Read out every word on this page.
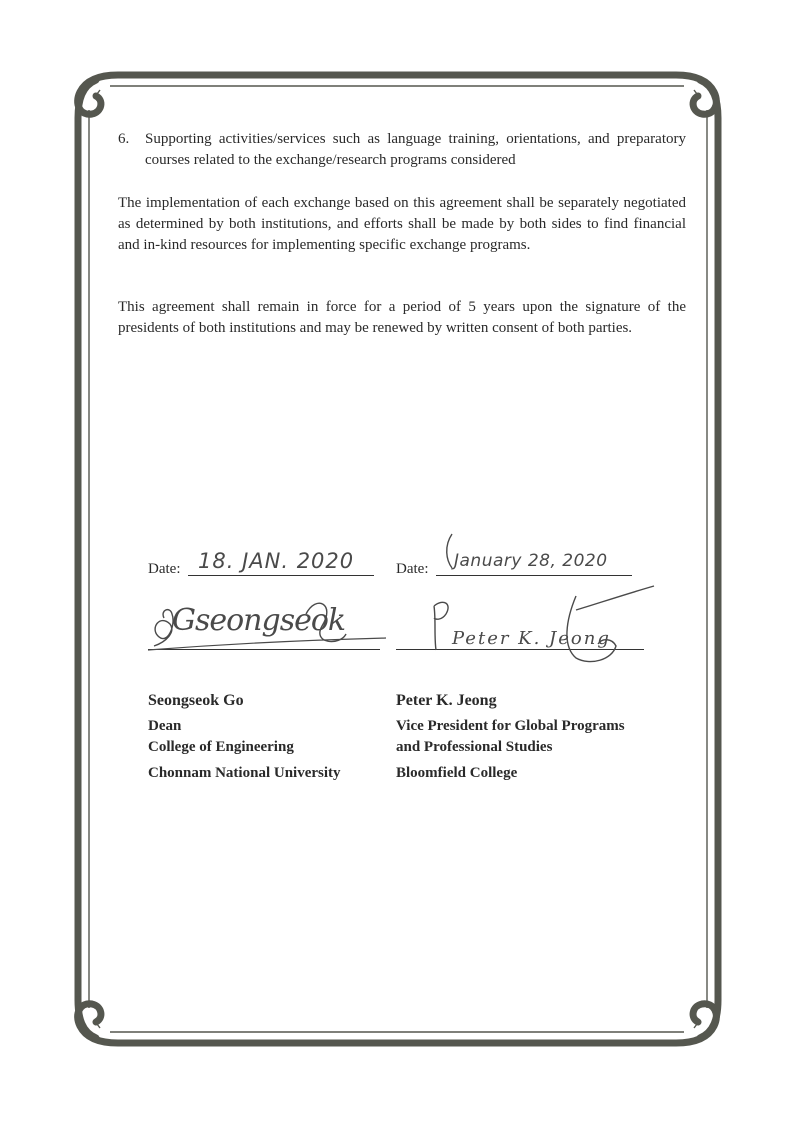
6.	Supporting activities/services such as language training, orientations, and preparatory courses related to the exchange/research programs considered

The implementation of each exchange based on this agreement shall be separately negotiated as determined by both institutions, and efforts shall be made by both sides to find financial and in-kind resources for implementing specific exchange programs.

This agreement shall remain in force for a period of 5 years upon the signature of the presidents of both institutions and may be renewed by written consent of both parties.

Date: 18. JAN. 2020
Gseongseok
Seongseok Go
Dean
College of Engineering
Chonnam National University
Date: January 28, 2020
Peter K. Jeong
Peter K. Jeong
Vice President for Global Programs
and Professional Studies
Bloomfield College
